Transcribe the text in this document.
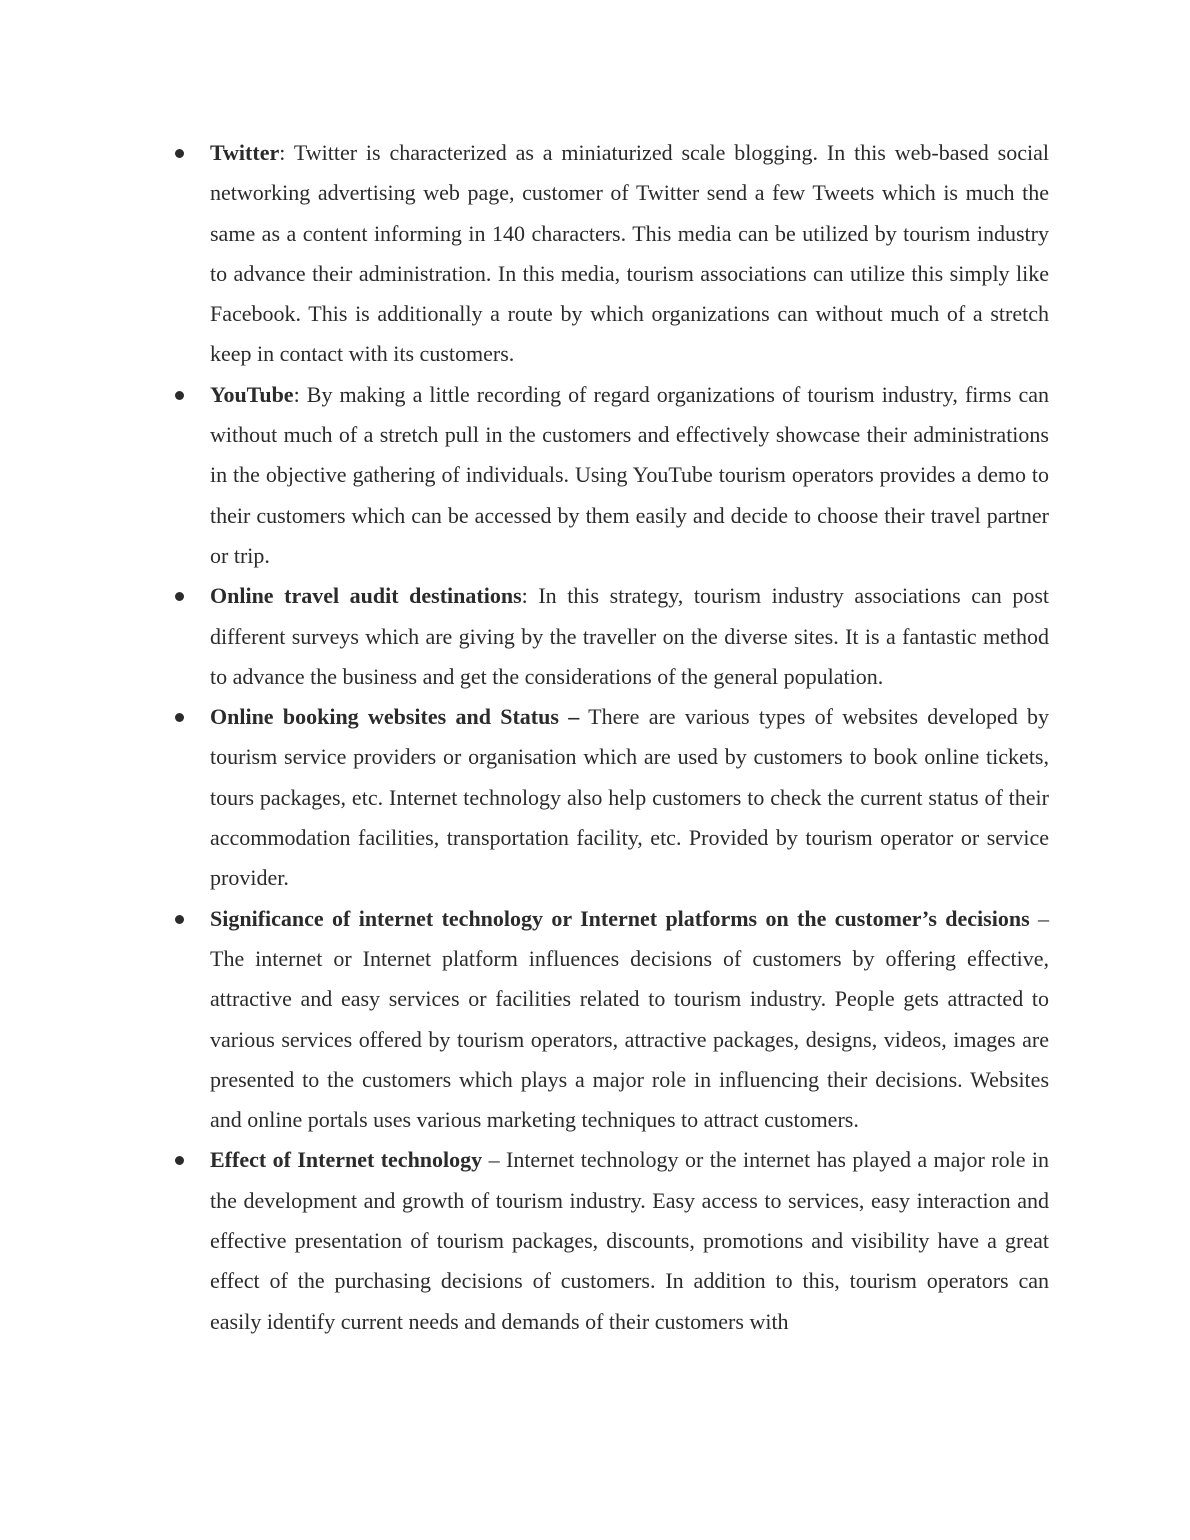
Twitter: Twitter is characterized as a miniaturized scale blogging. In this web-based social networking advertising web page, customer of Twitter send a few Tweets which is much the same as a content informing in 140 characters. This media can be utilized by tourism industry to advance their administration. In this media, tourism associations can utilize this simply like Facebook. This is additionally a route by which organizations can without much of a stretch keep in contact with its customers.
YouTube: By making a little recording of regard organizations of tourism industry, firms can without much of a stretch pull in the customers and effectively showcase their administrations in the objective gathering of individuals. Using YouTube tourism operators provides a demo to their customers which can be accessed by them easily and decide to choose their travel partner or trip.
Online travel audit destinations: In this strategy, tourism industry associations can post different surveys which are giving by the traveller on the diverse sites. It is a fantastic method to advance the business and get the considerations of the general population.
Online booking websites and Status – There are various types of websites developed by tourism service providers or organisation which are used by customers to book online tickets, tours packages, etc. Internet technology also help customers to check the current status of their accommodation facilities, transportation facility, etc. Provided by tourism operator or service provider.
Significance of internet technology or Internet platforms on the customer’s decisions – The internet or Internet platform influences decisions of customers by offering effective, attractive and easy services or facilities related to tourism industry. People gets attracted to various services offered by tourism operators, attractive packages, designs, videos, images are presented to the customers which plays a major role in influencing their decisions. Websites and online portals uses various marketing techniques to attract customers.
Effect of Internet technology – Internet technology or the internet has played a major role in the development and growth of tourism industry. Easy access to services, easy interaction and effective presentation of tourism packages, discounts, promotions and visibility have a great effect of the purchasing decisions of customers. In addition to this, tourism operators can easily identify current needs and demands of their customers with
